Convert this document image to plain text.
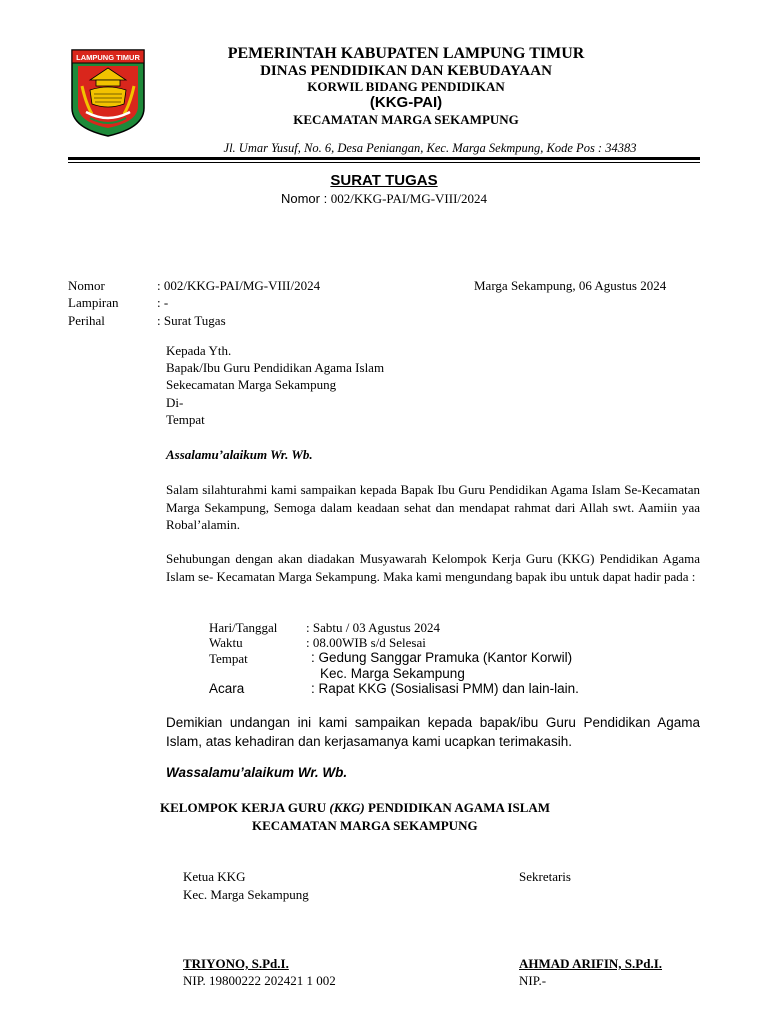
LAMPUNG TIMUR	PEMERINTAH KABUPATEN LAMPUNG TIMUR
DINAS PENDIDIKAN DAN KEBUDAYAAN
KORWIL BIDANG PENDIDIKAN
(KKG-PAI)
KECAMATAN MARGA SEKAMPUNG
Jl. Umar Yusuf, No. 6, Desa Peniangan, Kec. Marga Sekmpung, Kode Pos : 34383
SURAT TUGAS
Nomor : 002/KKG-PAI/MG-VIII/2024
Nomor	: 002/KKG-PAI/MG-VIII/2024
Lampiran	: -
Perihal	: Surat Tugas
Marga Sekampung, 06 Agustus 2024
Kepada Yth.
Bapak/Ibu Guru Pendidikan Agama Islam
Sekecamatan Marga Sekampung
Di-
Tempat
Assalamu’alaikum Wr. Wb.
Salam silahturahmi kami sampaikan kepada Bapak Ibu Guru Pendidikan Agama Islam Se-Kecamatan Marga Sekampung, Semoga dalam keadaan sehat dan mendapat rahmat dari Allah swt. Aamiin yaa Robal’alamin.
Sehubungan dengan akan diadakan Musyawarah Kelompok Kerja Guru (KKG) Pendidikan Agama Islam se- Kecamatan Marga Sekampung. Maka kami mengundang bapak ibu untuk dapat hadir pada :
Hari/Tanggal : Sabtu / 03 Agustus 2024
Waktu	: 08.00WIB s/d Selesai
Tempat	: Gedung Sanggar Pramuka (Kantor Korwil)
Kec. Marga Sekampung
Acara	: Rapat KKG (Sosialisasi PMM) dan lain-lain.
Demikian undangan ini kami sampaikan kepada bapak/ibu Guru Pendidikan Agama Islam, atas kehadiran dan kerjasamanya kami ucapkan terimakasih.
Wassalamu’alaikum Wr. Wb.
KELOMPOK KERJA GURU (KKG) PENDIDIKAN AGAMA ISLAM
KECAMATAN MARGA SEKAMPUNG
Ketua KKG
Kec. Marga Sekampung
Sekretaris
TRIYONO, S.Pd.I.
NIP. 19800222 202421 1 002
AHMAD ARIFIN, S.Pd.I.
NIP.-
